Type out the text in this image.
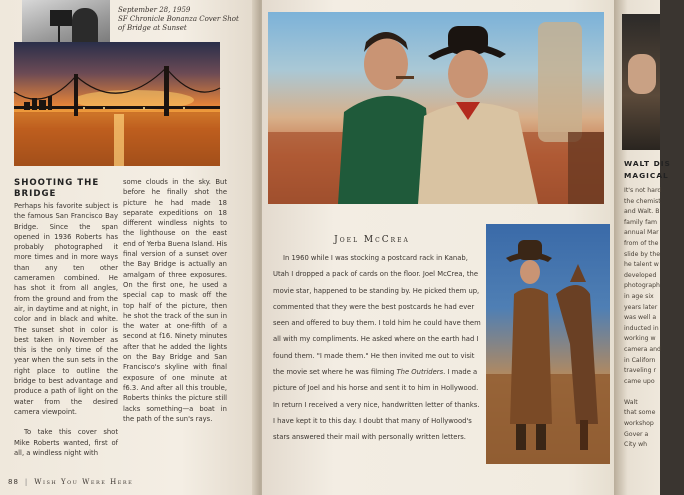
September 28, 1959
SF Chronicle Bonanza Cover Shot
of Bridge at Sunset
SHOOTING THE
BRIDGE

Perhaps his favorite subject is the famous San Francisco Bay Bridge. Since the span opened in 1936 Roberts has probably photographed it more times and in more ways than any ten other cameramen combined. He has shot it from all angles, from the ground and from the air, in daytime and at night, in color and in black and white. The sunset shot in color is best taken in November as this is the only time of the year when the sun sets in the right place to outline the bridge to best advantage and produce a path of light on the water from the desired camera viewpoint.

To take this cover shot Mike Roberts wanted, first of all, a windless night with

some clouds in the sky. But before he finally shot the picture he had made 18 separate expeditions on 18 different windless nights to the lighthouse on the east end of Yerba Buena Island. His final version of a sunset over the Bay Bridge is actually an amalgam of three exposures. On the first one, he used a special cap to mask off the top half of the picture, then he shot the track of the sun in the water at one-fifth of a second at f16. Ninety minutes after that he added the lights on the Bay Bridge and San Francisco's skyline with final exposure of one minute at f6.3. And after all this trouble, Roberts thinks the picture still lacks something—a boat in the path of the sun's rays.

88 | Wish You Were Here
Joel McCrea

In 1960 while I was stocking a postcard rack in Kanab, Utah I dropped a pack of cards on the floor. Joel McCrea, the movie star, happened to be standing by. He picked them up, commented that they were the best postcards he had ever seen and offered to buy them. I told him he could have them all with my compliments. He asked where on the earth had I found them. "I made them." He then invited me out to visit the movie set where he was filming The Outriders. I made a picture of Joel and his horse and sent it to him in Hollywood. In return I received a very nice, handwritten letter of thanks. I have kept it to this day. I doubt that many of Hollywood's stars answered their mail with personally written letters.

WALT DIS
MAGICAL
It's not hard
the chemist
and Walt. B
family fam
annual Mar
from of the
slide by the
he talent w
developed
photograph
in age six
years later
was well a
inducted in
working w
camera and
in Californ
traveling r
came upo
Walt
that some
workshop
Gover a
City wh
